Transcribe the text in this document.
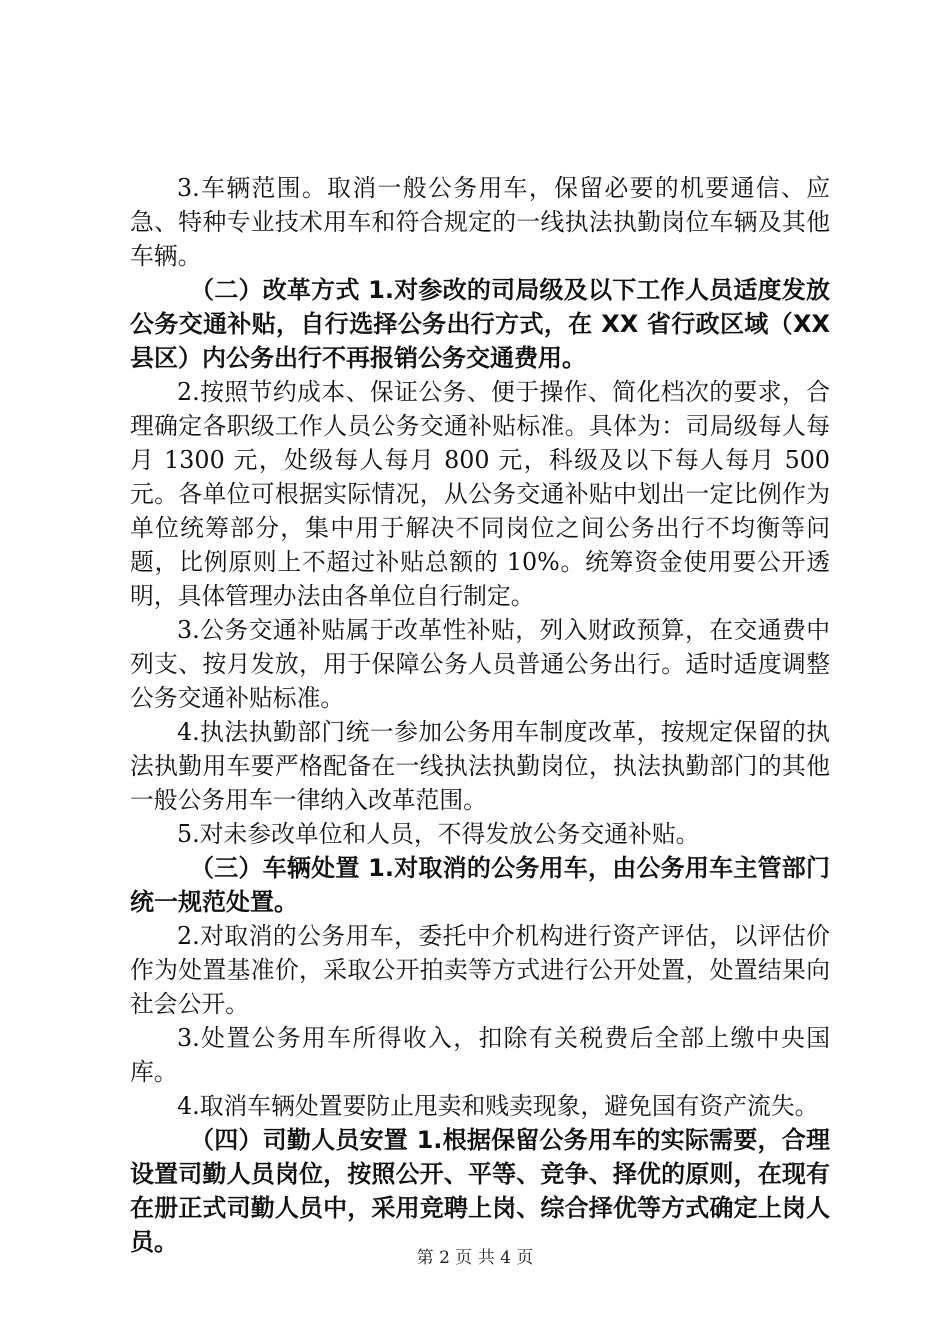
3.车辆范围。取消一般公务用车，保留必要的机要通信、应急、特种专业技术用车和符合规定的一线执法执勤岗位车辆及其他车辆。

（二）改革方式 1.对参改的司局级及以下工作人员适度发放公务交通补贴，自行选择公务出行方式，在 XX 省行政区域（XX 县区）内公务出行不再报销公务交通费用。

2.按照节约成本、保证公务、便于操作、简化档次的要求，合理确定各职级工作人员公务交通补贴标准。具体为：司局级每人每月 1300 元，处级每人每月 800 元，科级及以下每人每月 500 元。各单位可根据实际情况，从公务交通补贴中划出一定比例作为单位统筹部分，集中用于解决不同岗位之间公务出行不均衡等问题，比例原则上不超过补贴总额的 10%。统筹资金使用要公开透明，具体管理办法由各单位自行制定。

3.公务交通补贴属于改革性补贴，列入财政预算，在交通费中列支、按月发放，用于保障公务人员普通公务出行。适时适度调整公务交通补贴标准。

4.执法执勤部门统一参加公务用车制度改革，按规定保留的执法执勤用车要严格配备在一线执法执勤岗位，执法执勤部门的其他一般公务用车一律纳入改革范围。

5.对未参改单位和人员，不得发放公务交通补贴。

（三）车辆处置 1.对取消的公务用车，由公务用车主管部门统一规范处置。

2.对取消的公务用车，委托中介机构进行资产评估，以评估价作为处置基准价，采取公开拍卖等方式进行公开处置，处置结果向社会公开。

3.处置公务用车所得收入，扣除有关税费后全部上缴中央国库。

4.取消车辆处置要防止甩卖和贱卖现象，避免国有资产流失。

（四）司勤人员安置 1.根据保留公务用车的实际需要，合理设置司勤人员岗位，按照公开、平等、竞争、择优的原则，在现有在册正式司勤人员中，采用竞聘上岗、综合择优等方式确定上岗人员。

第 2 页 共 4 页
